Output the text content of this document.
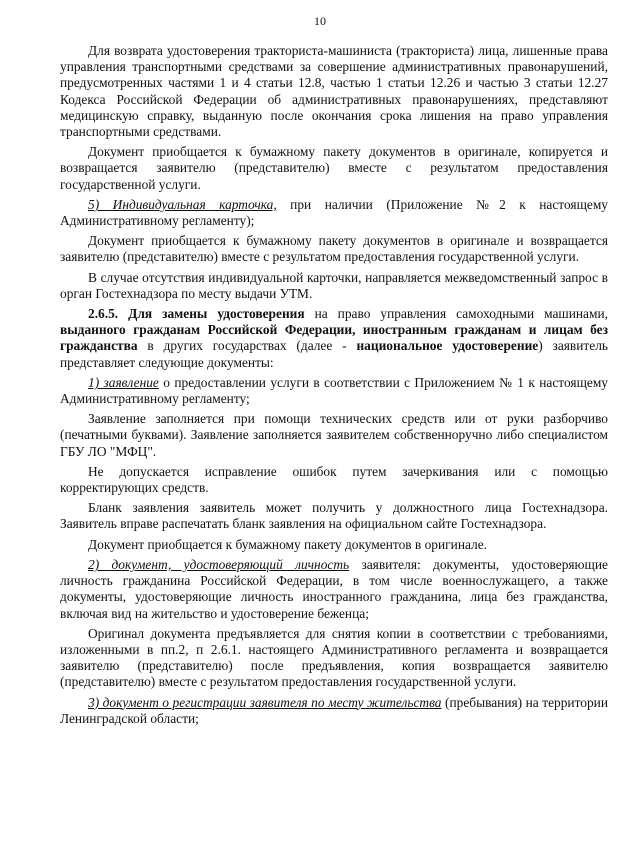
10

Для возврата удостоверения тракториста-машиниста (тракториста) лица, лишенные права управления транспортными средствами за совершение административных правонарушений, предусмотренных частями 1 и 4 статьи 12.8, частью 1 статьи 12.26 и частью 3 статьи 12.27 Кодекса Российской Федерации об административных правонарушениях, представляют медицинскую справку, выданную после окончания срока лишения на право управления транспортными средствами.

Документ приобщается к бумажному пакету документов в оригинале, копируется и возвращается заявителю (представителю) вместе с результатом предоставления государственной услуги.

5) Индивидуальная карточка, при наличии (Приложение №2 к настоящему Административному регламенту);

Документ приобщается к бумажному пакету документов в оригинале и возвращается заявителю (представителю) вместе с результатом предоставления государственной услуги.

В случае отсутствия индивидуальной карточки, направляется межведомственный запрос в орган Гостехнадзора по месту выдачи УТМ.

2.6.5. Для замены удостоверения на право управления самоходными машинами, выданного гражданам Российской Федерации, иностранным гражданам и лицам без гражданства в других государствах (далее - национальное удостоверение) заявитель представляет следующие документы:

1) заявление о предоставлении услуги в соответствии с Приложением № 1 к настоящему Административному регламенту;

Заявление заполняется при помощи технических средств или от руки разборчиво (печатными буквами). Заявление заполняется заявителем собственноручно либо специалистом ГБУ ЛО "МФЦ".

Не допускается исправление ошибок путем зачеркивания или с помощью корректирующих средств.

Бланк заявления заявитель может получить у должностного лица Гостехнадзора. Заявитель вправе распечатать бланк заявления на официальном сайте Гостехнадзора.

Документ приобщается к бумажному пакету документов в оригинале.

2) документ, удостоверяющий личность заявителя: документы, удостоверяющие личность гражданина Российской Федерации, в том числе военнослужащего, а также документы, удостоверяющие личность иностранного гражданина, лица без гражданства, включая вид на жительство и удостоверение беженца;

Оригинал документа предъявляется для снятия копии в соответствии с требованиями, изложенными в пп.2, п 2.6.1. настоящего Административного регламента и возвращается заявителю (представителю) после предъявления, копия возвращается заявителю (представителю) вместе с результатом предоставления государственной услуги.

3) документ о регистрации заявителя по месту жительства (пребывания) на территории Ленинградской области;
